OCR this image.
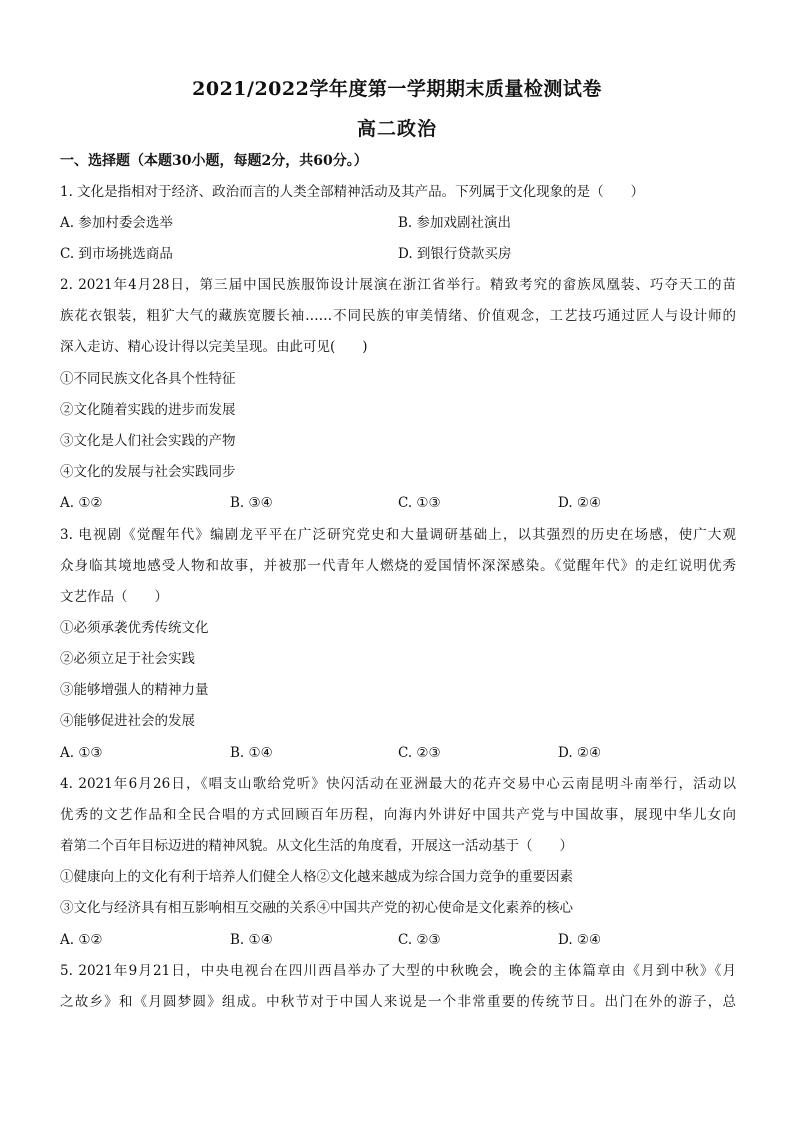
2021/2022学年度第一学期期末质量检测试卷
高二政治
一、选择题（本题30小题，每题2分，共60分。）
1. 文化是指相对于经济、政治而言的人类全部精神活动及其产品。下列属于文化现象的是（　　）
A. 参加村委会选举	B. 参加戏剧社演出
C. 到市场挑选商品	D. 到银行贷款买房
2. 2021年4月28日，第三届中国民族服饰设计展演在浙江省举行。精致考究的畲族凤凰装、巧夺天工的苗
族花衣银装，粗犷大气的藏族宽腰长袖……不同民族的审美情绪、价值观念，工艺技巧通过匠人与设计师的
深入走访、精心设计得以完美呈现。由此可见(　　)
①不同民族文化各具个性特征
②文化随着实践的进步而发展
③文化是人们社会实践的产物
④文化的发展与社会实践同步
A. ①②	B. ③④	C. ①③	D. ②④
3. 电视剧《觉醒年代》编剧龙平平在广泛研究党史和大量调研基础上，以其强烈的历史在场感，使广大观
众身临其境地感受人物和故事，并被那一代青年人燃烧的爱国情怀深深感染。《觉醒年代》的走红说明优秀
文艺作品（　　）
①必须承袭优秀传统文化
②必须立足于社会实践
③能够增强人的精神力量
④能够促进社会的发展
A. ①③	B. ①④	C. ②③	D. ②④
4. 2021年6月26日，《唱支山歌给党听》快闪活动在亚洲最大的花卉交易中心云南昆明斗南举行，活动以
优秀的文艺作品和全民合唱的方式回顾百年历程，向海内外讲好中国共产党与中国故事，展现中华儿女向
着第二个百年目标迈进的精神风貌。从文化生活的角度看，开展这一活动基于（　　）
①健康向上的文化有利于培养人们健全人格②文化越来越成为综合国力竞争的重要因素
③文化与经济具有相互影响相互交融的关系④中国共产党的初心使命是文化素养的核心
A. ①②	B. ①④	C. ②③	D. ②④
5. 2021年9月21日，中央电视台在四川西昌举办了大型的中秋晚会，晚会的主体篇章由《月到中秋》《月
之故乡》和《月圆梦圆》组成。中秋节对于中国人来说是一个非常重要的传统节日。出门在外的游子，总
